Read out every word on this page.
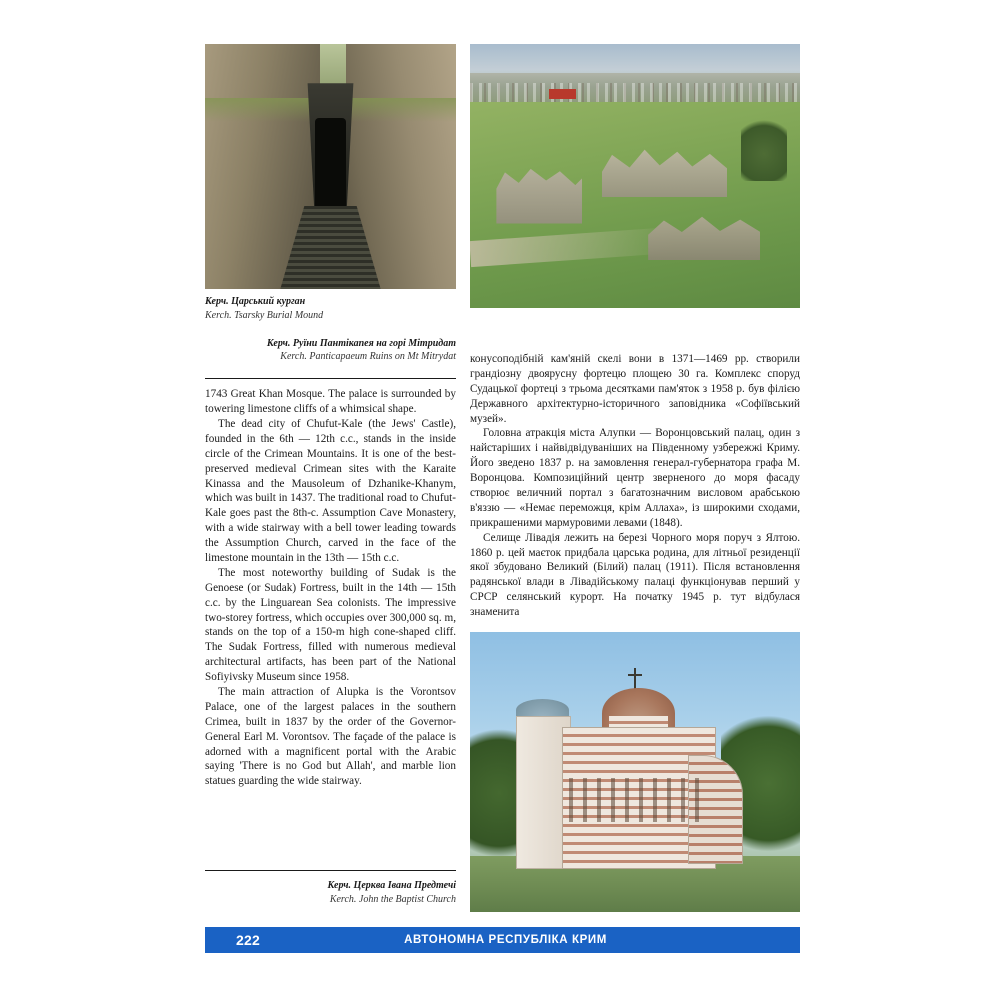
Керч. Царський курган
Kerch. Tsarsky Burial Mound
Керч. Руїни Пантікапея на горі Мітридат
Kerch. Panticapaeum Ruins on Mt Mitrydat

1743 Great Khan Mosque. The palace is surrounded by towering limestone cliffs of a whimsical shape.

The dead city of Chufut-Kale (the Jews' Castle), founded in the 6th — 12th c.c., stands in the inside circle of the Crimean Mountains. It is one of the best-preserved medieval Crimean sites with the Karaite Kinassa and the Mausoleum of Dzhanike-Khanym, which was built in 1437. The traditional road to Chufut-Kale goes past the 8th-c. Assumption Cave Monastery, with a wide stairway with a bell tower leading towards the Assumption Church, carved in the face of the limestone mountain in the 13th — 15th c.c.

The most noteworthy building of Sudak is the Genoese (or Sudak) Fortress, built in the 14th — 15th c.c. by the Linguarean Sea colonists. The impressive two-storey fortress, which occupies over 300,000 sq. m, stands on the top of a 150-m high cone-shaped cliff. The Sudak Fortress, filled with numerous medieval architectural artifacts, has been part of the National Sofiyivsky Museum since 1958.

The main attraction of Alupka is the Vorontsov Palace, one of the largest palaces in the southern Crimea, built in 1837 by the order of the Governor-General Earl M. Vorontsov. The façade of the palace is adorned with a magnificent portal with the Arabic saying 'There is no God but Allah', and marble lion statues guarding the wide stairway.

Керч. Церква Івана Предтечі
Kerch. John the Baptist Church

конусоподібній кам'яній скелі вони в 1371—1469 рр. створили грандіозну двоярусну фортецю площею 30 га. Комплекс споруд Судацької фортеці з трьома десятками пам'яток з 1958 р. був філією Державного архітектурно-історичного заповідника «Софіївський музей».

Головна атракція міста Алупки — Воронцовський палац, один з найстаріших і найвідвідуваніших на Південному узбережжі Криму. Його зведено 1837 р. на замовлення генерал-губернатора графа М. Воронцова. Композиційний центр зверненого до моря фасаду створює величний портал з багатозначним висловом арабською в'яззю — «Немає переможця, крім Аллаха», із широкими сходами, прикрашеними мармуровими левами (1848).

Селище Лівадія лежить на березі Чорного моря поруч з Ялтою. 1860 р. цей маєток придбала царська родина, для літньої резиденції якої збудовано Великий (Білий) палац (1911). Після встановлення радянської влади в Лівадійському палаці функціонував перший у СРСР селянський курорт. На початку 1945 р. тут відбулася знаменита

222	АВТОНОМНА РЕСПУБЛІКА КРИМ
